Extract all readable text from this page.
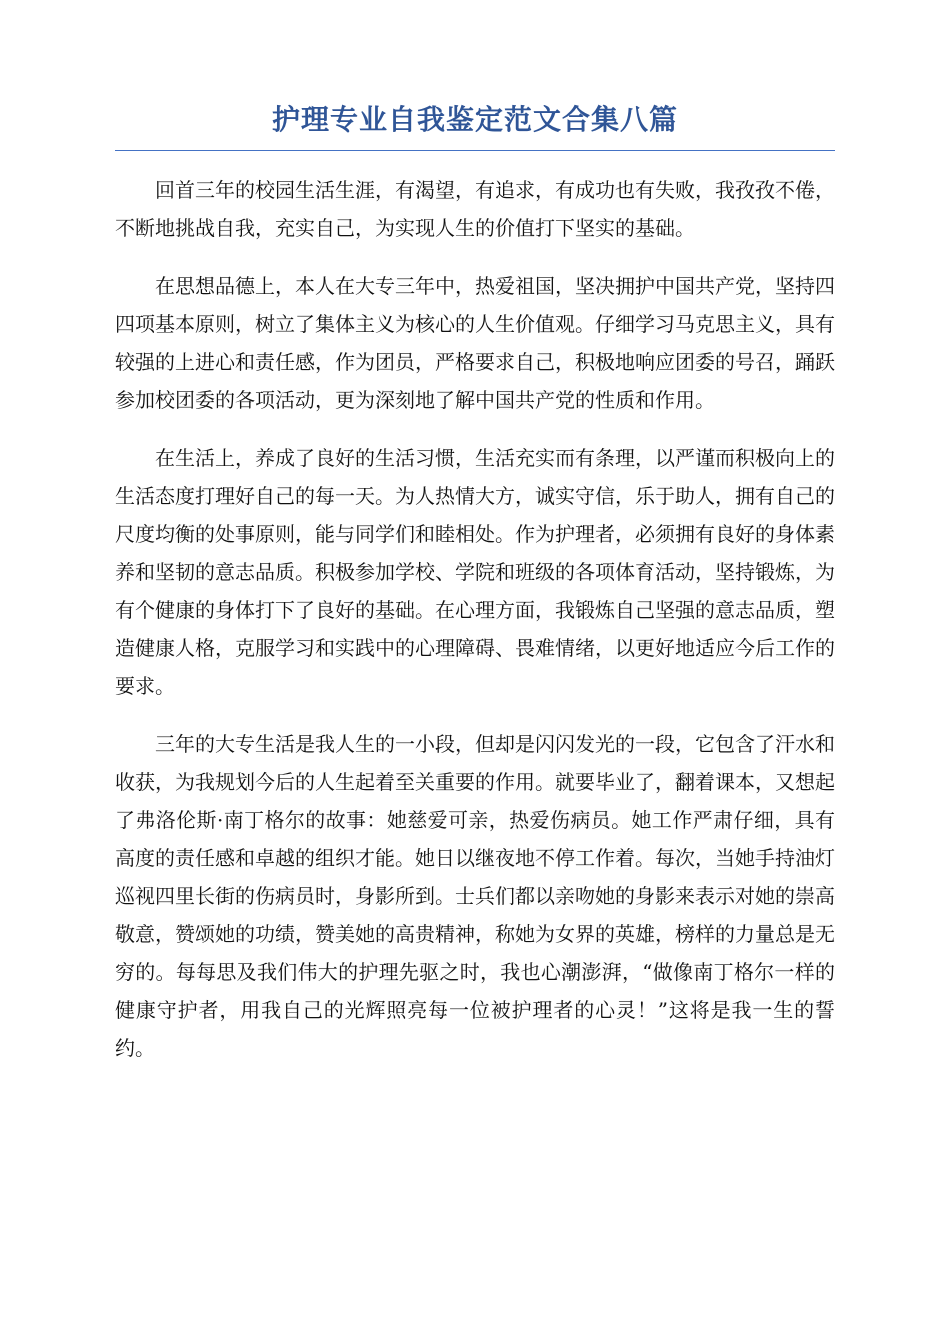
护理专业自我鉴定范文合集八篇

回首三年的校园生活生涯，有渴望，有追求，有成功也有失败，我孜孜不倦，不断地挑战自我，充实自己，为实现人生的价值打下坚实的基础。

在思想品德上，本人在大专三年中，热爱祖国，坚决拥护中国共产党，坚持四四项基本原则，树立了集体主义为核心的人生价值观。仔细学习马克思主义，具有较强的上进心和责任感，作为团员，严格要求自己，积极地响应团委的号召，踊跃参加校团委的各项活动，更为深刻地了解中国共产党的性质和作用。

在生活上，养成了良好的生活习惯，生活充实而有条理，以严谨而积极向上的生活态度打理好自己的每一天。为人热情大方，诚实守信，乐于助人，拥有自己的尺度均衡的处事原则，能与同学们和睦相处。作为护理者，必须拥有良好的身体素养和坚韧的意志品质。积极参加学校、学院和班级的各项体育活动，坚持锻炼，为有个健康的身体打下了良好的基础。在心理方面，我锻炼自己坚强的意志品质，塑造健康人格，克服学习和实践中的心理障碍、畏难情绪，以更好地适应今后工作的要求。

三年的大专生活是我人生的一小段，但却是闪闪发光的一段，它包含了汗水和收获，为我规划今后的人生起着至关重要的作用。就要毕业了，翻着课本，又想起了弗洛伦斯·南丁格尔的故事：她慈爱可亲，热爱伤病员。她工作严肃仔细，具有高度的责任感和卓越的组织才能。她日以继夜地不停工作着。每次，当她手持油灯巡视四里长街的伤病员时，身影所到。士兵们都以亲吻她的身影来表示对她的崇高敬意，赞颂她的功绩，赞美她的高贵精神，称她为女界的英雄，榜样的力量总是无穷的。每每思及我们伟大的护理先驱之时，我也心潮澎湃，“做像南丁格尔一样的健康守护者，用我自己的光辉照亮每一位被护理者的心灵！”这将是我一生的誓约。
